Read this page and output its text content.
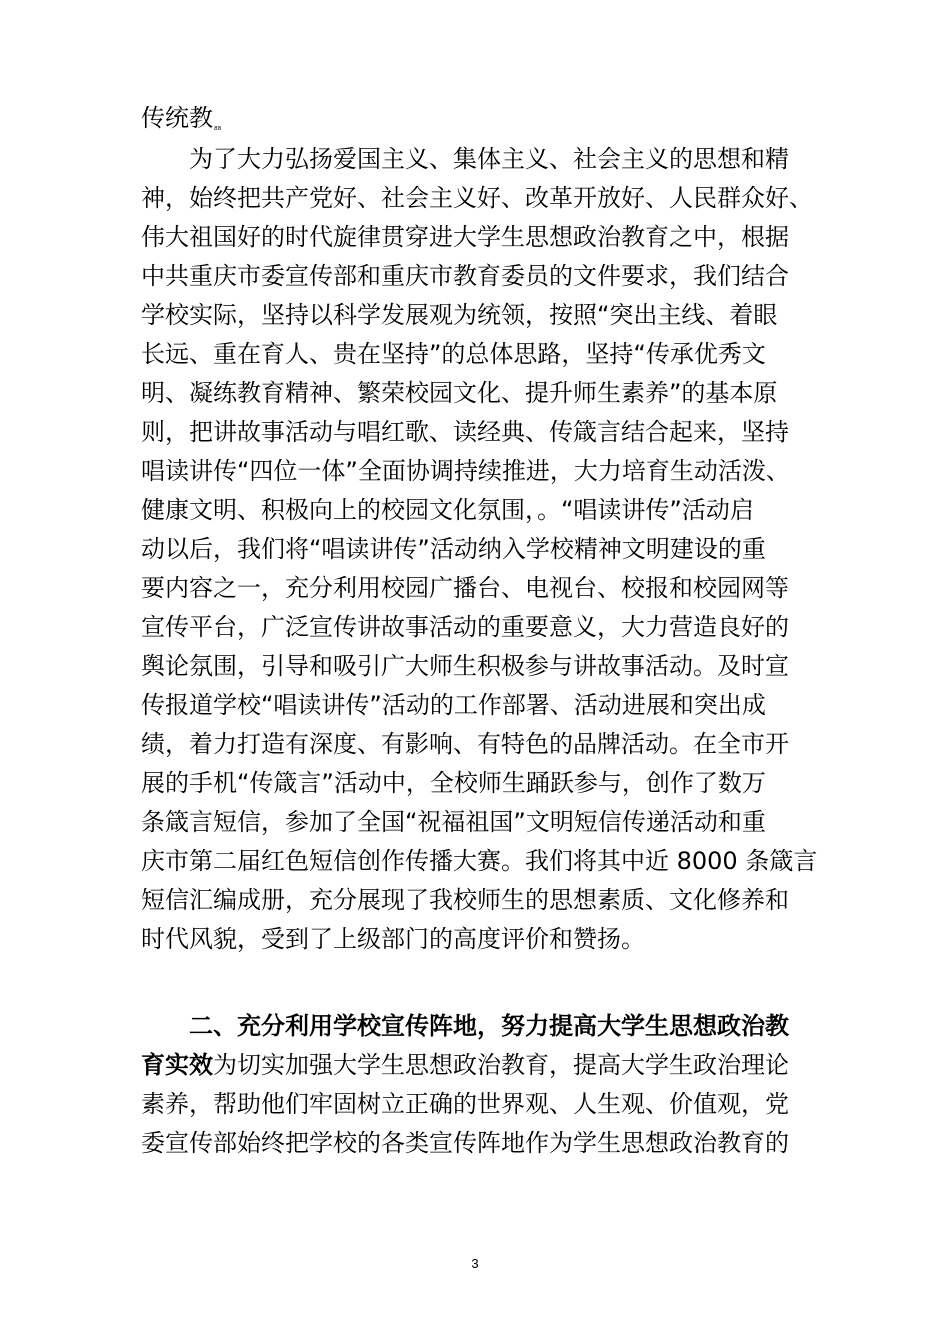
传统教₈₈
为了大力弘扬爱国主义、集体主义、社会主义的思想和精
神，始终把共产党好、社会主义好、改革开放好、人民群众好、
伟大祖国好的时代旋律贯穿进大学生思想政治教育之中，根据
中共重庆市委宣传部和重庆市教育委员的文件要求，我们结合
学校实际，坚持以科学发展观为统领，按照“突出主线、着眼
长远、重在育人、贵在坚持”的总体思路，坚持“传承优秀文
明、凝练教育精神、繁荣校园文化、提升师生素养”的基本原
则，把讲故事活动与唱红歌、读经典、传箴言结合起来，坚持
唱读讲传“四位一体”全面协调持续推进，大力培育生动活泼、
健康文明、积极向上的校园文化氛围，。“唱读讲传”活动启
动以后，我们将“唱读讲传”活动纳入学校精神文明建设的重
要内容之一，充分利用校园广播台、电视台、校报和校园网等
宣传平台，广泛宣传讲故事活动的重要意义，大力营造良好的
舆论氛围，引导和吸引广大师生积极参与讲故事活动。及时宣
传报道学校“唱读讲传”活动的工作部署、活动进展和突出成
绩，着力打造有深度、有影响、有特色的品牌活动。在全市开
展的手机“传箴言”活动中，全校师生踊跃参与，创作了数万
条箴言短信，参加了全国“祝福祖国”文明短信传递活动和重
庆市第二届红色短信创作传播大赛。我们将其中近 8000 条箴言
短信汇编成册，充分展现了我校师生的思想素质、文化修养和
时代风貌，受到了上级部门的高度评价和赞扬。
二、充分利用学校宣传阵地，努力提高大学生思想政治教
育实效为切实加强大学生思想政治教育，提高大学生政治理论
素养，帮助他们牢固树立正确的世界观、人生观、价值观，党
委宣传部始终把学校的各类宣传阵地作为学生思想政治教育的
3
